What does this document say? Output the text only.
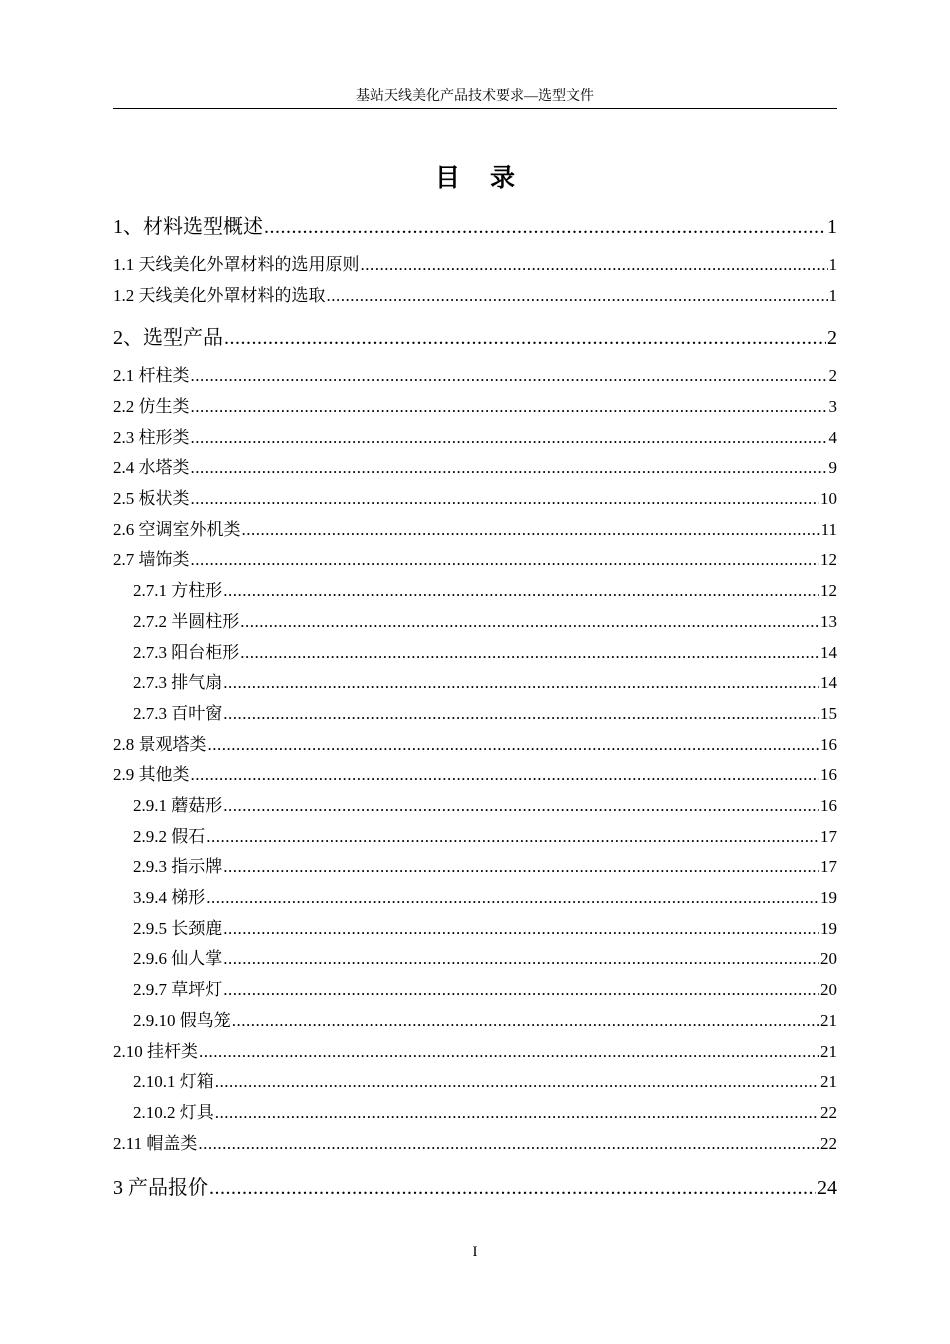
基站天线美化产品技术要求—选型文件
目录
1、材料选型概述 .....	1
1.1 天线美化外罩材料的选用原则 .....	1
1.2 天线美化外罩材料的选取 .....	1
2、选型产品 .....	2
2.1 杆柱类 .....	2
2.2 仿生类 .....	3
2.3 柱形类 .....	4
2.4 水塔类 .....	9
2.5 板状类 .....	10
2.6 空调室外机类 .....	11
2.7 墙饰类 .....	12
2.7.1 方柱形 .....	12
2.7.2 半圆柱形 .....	13
2.7.3 阳台柜形 .....	14
2.7.3 排气扇 .....	14
2.7.3 百叶窗 .....	15
2.8 景观塔类 .....	16
2.9 其他类 .....	16
2.9.1 蘑菇形 .....	16
2.9.2 假石 .....	17
2.9.3 指示牌 .....	17
3.9.4 梯形 .....	19
2.9.5 长颈鹿 .....	19
2.9.6 仙人掌 .....	20
2.9.7 草坪灯 .....	20
2.9.10 假鸟笼 .....	21
2.10 挂杆类 .....	21
2.10.1 灯箱 .....	21
2.10.2 灯具 .....	22
2.11 帽盖类 .....	22
3 产品报价 .....	24
I
